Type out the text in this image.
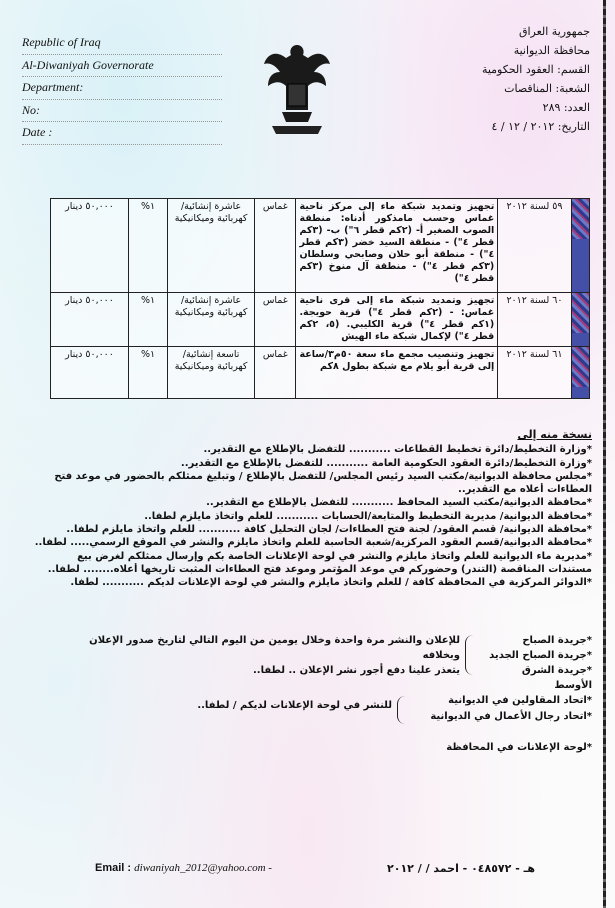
Republic of Iraq
Al-Diwaniyah Governorate
Department:
No:
Date :
جمهورية العراق
محافظة الديوانية
القسم: العقود الحكومية
الشعبة: المناقصات
العدد: ٢٨٩
التاريخ: ٢٠١٢ / ١٢ / ٤
	٥٩ لسنة ٢٠١٢	تجهيز وتمديد شبكة ماء إلى مركز ناحية غماس وحسب مامذكور أدناه: منطقة الصوب الصغير أ- (٢كم قطر ٦") ب- (٣كم قطر ٤") - منطقة السيد خضر (٣كم قطر ٤") - منطقة أبو حلان وصابحي وسلطان (٣كم قطر ٤") - منطقة آل منوخ (٣كم قطر ٤")	غماس	عاشرة إنشائية/ كهربائية وميكانيكية	١%	٥٠,٠٠٠ دينار

	٦٠ لسنة ٢٠١٢	تجهيز وتمديد شبكة ماء إلى قرى ناحية غماس: - (٢كم قطر ٤") قرية حويجة. (١كم قطر ٤") قرية الكليبي. (٥، ٢كم قطر ٤") لإكمال شبكة ماء الهيش	غماس	عاشرة إنشائية/ كهربائية وميكانيكية	١%	٥٠,٠٠٠ دينار

	٦١ لسنة ٢٠١٢	تجهيز وتنصيب مجمع ماء سعة ٥٠م٣/ساعة إلى قرية أبو يلام مع شبكة بطول ٨كم	غماس	تاسعة إنشائية/ كهربائية وميكانيكية	١%	٥٠,٠٠٠ دينار
نسخة منه إلى
*وزارة التخطيط/دائرة تخطيط القطاعات ........... للتفضل بالإطلاع مع التقدير..
*وزارة التخطيط/دائرة العقود الحكومية العامة ........... للتفضل بالإطلاع مع التقدير..
*مجلس محافظة الديوانية/مكتب السيد رئيس المجلس/ للتفضل بالإطلاع / وتبليغ ممثلكم بالحضور في موعد فتح
العطاءات أعلاه مع التقدير..
*محافظة الديوانية/مكتب السيد المحافظ ........... للتفضل بالإطلاع مع التقدير..
*محافظة الديوانية/ مديرية التخطيط والمتابعة/الحسابات ........... للعلم واتخاذ مايلزم لطفا..
*محافظة الديوانية/ قسم العقود/ لجنة فتح العطاءات/ لجان التحليل كافة ........... للعلم واتخاذ مايلزم لطفا..
*محافظة الديوانية/قسم العقود المركزية/شعبة الحاسبة للعلم واتخاذ مايلزم والنشر في الموقع الرسمي..... لطفا..
*مديرية ماء الديوانية للعلم واتخاذ مايلزم والنشر في لوحة الإعلانات الخاصة بكم وإرسال ممثلكم لغرض بيع
مستندات المناقصة (التندر) وحضوركم في موعد المؤتمر وموعد فتح العطاءات المثبت تاريخها أعلاه........ لطفا..
*الدوائر المركزية في المحافظة كافة / للعلم واتخاذ مايلزم والنشر في لوحة الإعلانات لديكم ........... لطفا.
*جريدة الصباح
*جريدة الصباح الجديد
*جريدة الشرق الأوسط
للإعلان والنشر مرة واحدة وخلال يومين من اليوم التالي لتاريخ صدور الإعلان وبخلافه
يتعذر علينا دفع أجور نشر الإعلان .. لطفا..
*اتحاد المقاولين في الديوانية
*اتحاد رجال الأعمال في الديوانية
للنشر في لوحة الإعلانات لديكم / لطفا..
*لوحة الإعلانات في المحافظة
Email : diwaniyah_2012@yahoo.com -	هـ - ٠٤٨٥٧٢ - احمد / / ٢٠١٢
